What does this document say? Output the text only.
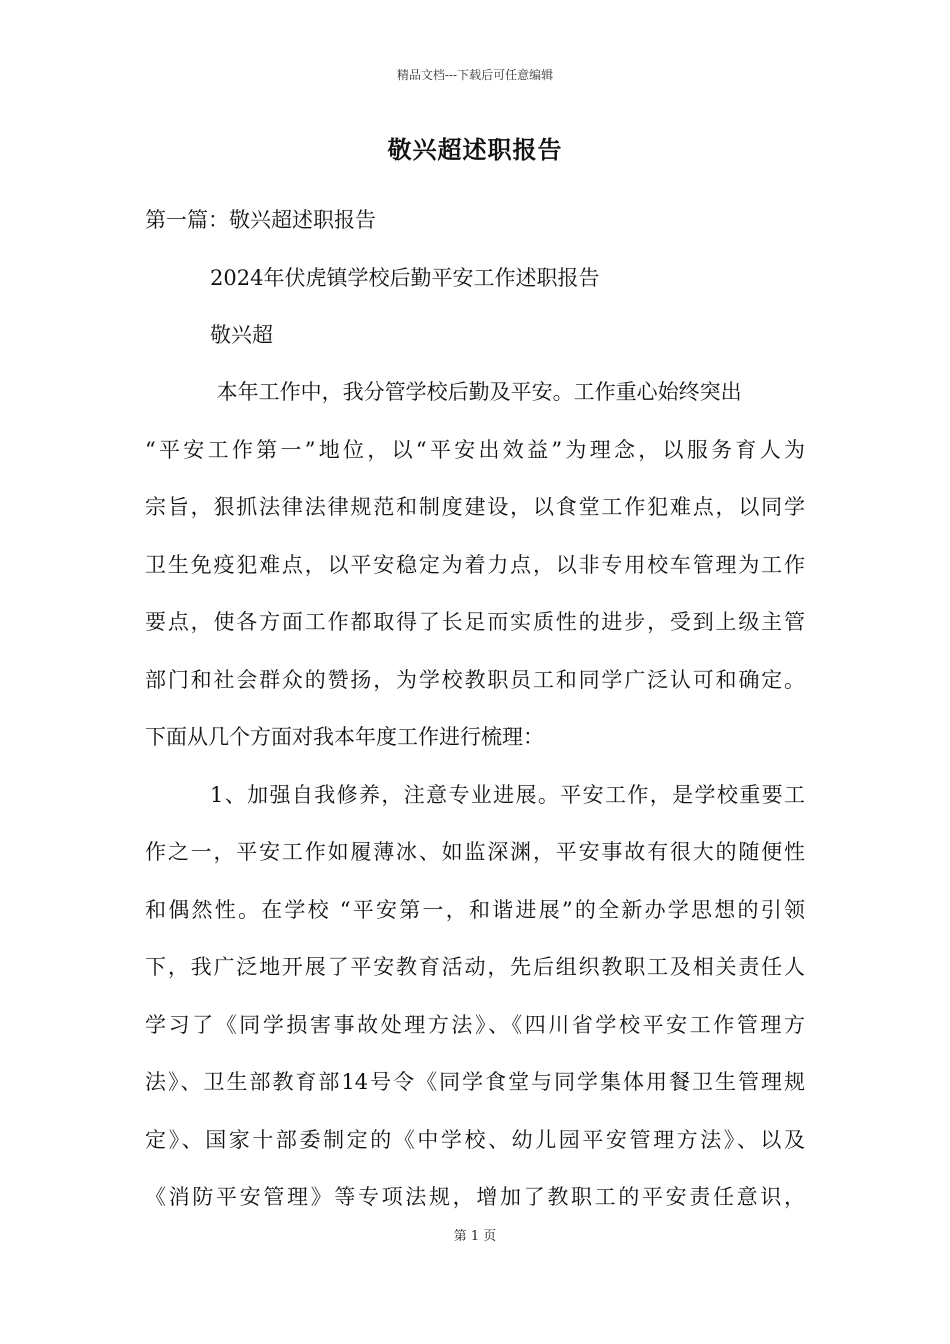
精品文档---下载后可任意编辑
敬兴超述职报告
第一篇：敬兴超述职报告
2024年伏虎镇学校后勤平安工作述职报告
敬兴超
本年工作中，我分管学校后勤及平安。工作重心始终突出
“平安工作第一”地位，以“平安出效益”为理念，以服务育人为
宗旨，狠抓法律法律规范和制度建设，以食堂工作犯难点，以同学
卫生免疫犯难点，以平安稳定为着力点，以非专用校车管理为工作
要点，使各方面工作都取得了长足而实质性的进步，受到上级主管
部门和社会群众的赞扬，为学校教职员工和同学广泛认可和确定。
下面从几个方面对我本年度工作进行梳理：
1、加强自我修养，注意专业进展。平安工作，是学校重要工
作之一，平安工作如履薄冰、如监深渊，平安事故有很大的随便性
和偶然性。在学校 “平安第一，和谐进展”的全新办学思想的引领
下，我广泛地开展了平安教育活动，先后组织教职工及相关责任人
学习了《同学损害事故处理方法》、《四川省学校平安工作管理方
法》、卫生部教育部14号令《同学食堂与同学集体用餐卫生管理规
定》、国家十部委制定的《中学校、幼儿园平安管理方法》、以及
《消防平安管理》等专项法规，增加了教职工的平安责任意识，
第 1 页
